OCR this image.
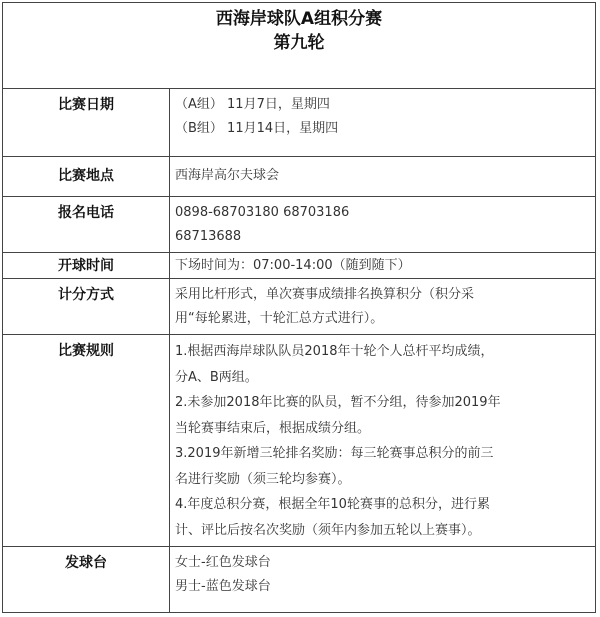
西海岸球队A组积分赛
第九轮
比赛日期	（A组） 11月7日，星期四
（B组） 11月14日，星期四
比赛地点	西海岸高尔夫球会
报名电话	0898-68703180 68703186
68713688
开球时间	下场时间为：07:00-14:00（随到随下）
计分方式	采用比杆形式，单次赛事成绩排名换算积分（积分采
用“每轮累进，十轮汇总方式进行）。
比赛规则	1.根据西海岸球队队员2018年十轮个人总杆平均成绩，
分A、B两组。
2.未参加2018年比赛的队员，暂不分组，待参加2019年
当轮赛事结束后，根据成绩分组。
3.2019年新增三轮排名奖励：每三轮赛事总积分的前三
名进行奖励（须三轮均参赛）。
4.年度总积分赛，根据全年10轮赛事的总积分，进行累
计、评比后按名次奖励（须年内参加五轮以上赛事）。
发球台	女士-红色发球台
男士-蓝色发球台
